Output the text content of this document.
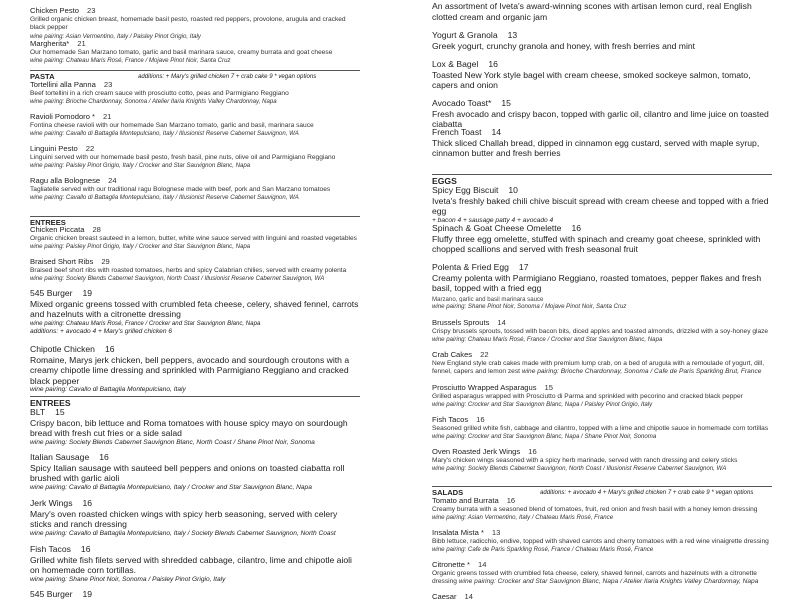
Chicken Pesto 23
Grilled organic chicken breast, homemade basil pesto, roasted red peppers, provolone, arugula and cracked black pepper
wine pairing: Asian Vermentino, Italy / Paisley Pinot Grigio, Italy
Margherita* 21
Our homemade San Marzano tomato, garlic and basil marinara sauce, creamy burrata and goat cheese
wine pairing: Chateau Maris Rosé, France / Mojave Pinot Noir, Santa Cruz
PASTA	additions: + Mary's grilled chicken 7 + crab cake 9 * vegan options
Tortellini alla Panna 23
Beef tortellini in a rich cream sauce with prosciutto cotto, peas and Parmigiano Reggiano
wine pairing: Brioche Chardonnay, Sonoma / Atelier Ilaria Knights Valley Chardonnay, Napa
Ravioli Pomodoro * 21
Fontina cheese ravioli with our homemade San Marzano tomato, garlic and basil, marinara sauce
wine pairing: Cavallo di Battaglia Montepulciano, Italy / Illusionist Reserve Cabernet Sauvignon, WA
Linguini Pesto 22
Linguini served with our homemade basil pesto, fresh basil, pine nuts, olive oil and Parmigiano Reggiano
wine pairing: Paisley Pinot Grigio, Italy / Crocker and Star Sauvignon Blanc, Napa
Ragu alla Bolognese 24
Tagliatelle served with our traditional ragu Bolognese made with beef, pork and San Marzano tomatoes
wine pairing: Cavallo di Battaglia Montepulciano, Italy / Illusionist Reserve Cabernet Sauvignon, WA
ENTREES
Chicken Piccata 28
Organic chicken breast sauteed in a lemon, butter, white wine sauce served with linguini and roasted vegetables
wine pairing: Paisley Pinot Grigio, Italy / Crocker and Star Sauvignon Blanc, Napa
Braised Short Ribs 29
Braised beef short ribs with roasted tomatoes, herbs and spicy Calabrian chilies, served with creamy polenta
wine pairing: Society Blends Cabernet Sauvignon, North Coast / Illusionist Reserve Cabernet Sauvignon, WA
545 Burger 19
Mixed organic greens tossed with crumbled feta cheese, celery, shaved fennel, carrots and hazelnuts with a citronette dressing
wine pairing: Chateau Maris Rosé, France / Crocker and Star Sauvignon Blanc, Napa
additions: + avocado 4 + Mary's grilled chicken 6
Chipotle Chicken 16
Romaine, Marys jerk chicken, bell peppers, avocado and sourdough croutons with a creamy chipotle lime dressing and sprinkled with Parmigiano Reggiano and cracked black pepper
wine pairing: Cavallo di Battaglia Montepulciano, Italy
ENTREES
BLT 15
Crispy bacon, bib lettuce and Roma tomatoes with house spicy mayo on sourdough bread with fresh cut fries or a side salad
wine pairing: Society Blends Cabernet Sauvignon Blanc, North Coast / Shane Pinot Noir, Sonoma
Italian Sausage 16
Spicy Italian sausage with sauteed bell peppers and onions on toasted ciabatta roll brushed with garlic aioli
wine pairing: Cavallo di Battaglia Montepulciano, Italy / Crocker and Star Sauvignon Blanc, Napa
Jerk Wings 16
Mary's oven roasted chicken wings with spicy herb seasoning, served with celery sticks and ranch dressing
wine pairing: Cavallo di Battaglia Montepulciano, Italy / Society Blends Cabernet Sauvignon, North Coast
Fish Tacos 16
Grilled white fish filets served with shredded cabbage, cilantro, lime and chipotle aioli on homemade corn tortillas.
wine pairing: Shane Pinot Noir, Sonoma / Paisley Pinot Grigio, Italy
545 Burger 19
An assortment of Iveta's award-winning scones with artisan lemon curd, real English clotted cream and organic jam
Yogurt & Granola 13
Greek yogurt, crunchy granola and honey, with fresh berries and mint
Lox & Bagel 16
Toasted New York style bagel with cream cheese, smoked sockeye salmon, tomato, capers and onion
Avocado Toast* 15
Fresh avocado and crispy bacon, topped with garlic oil, cilantro and lime juice on toasted ciabatta
French Toast 14
Thick sliced Challah bread, dipped in cinnamon egg custard, served with maple syrup, cinnamon butter and fresh berries
EGGS
Spicy Egg Biscuit 10
Iveta's freshly baked chili chive biscuit spread with cream cheese and topped with a fried egg
+ bacon 4 + sausage patty 4 + avocado 4
Spinach & Goat Cheese Omelette 16
Fluffy three egg omelette, stuffed with spinach and creamy goat cheese, sprinkled with chopped scallions and served with fresh seasonal fruit
Polenta & Fried Egg 17
Creamy polenta with Parmigiano Reggiano, roasted tomatoes, pepper flakes and fresh basil, topped with a fried egg
Marzano, garlic and basil marinara sauce
wine pairing: Shane Pinot Noir, Sonoma / Mojave Pinot Noir, Santa Cruz
Brussels Sprouts 14
Crispy brussels sprouts, tossed with bacon bits, diced apples and toasted almonds, drizzled with a soy-honey glaze
wine pairing: Chateau Maris Rosé, France / Crocker and Star Sauvignon Blanc, Napa
Crab Cakes 22
New England style crab cakes made with premium lump crab, on a bed of arugula with a remoulade of yogurt, dill, fennel, capers and lemon zest wine pairing: Brioche Chardonnay, Sonoma / Cafe de Paris Sparkling Brut, France
Prosciutto Wrapped Asparagus 15
Grilled asparagus wrapped with Prosciutto di Parma and sprinkled with pecorino and cracked black pepper
wine pairing: Crocker and Star Sauvignon Blanc, Napa / Paisley Pinot Grigio, Italy
Fish Tacos 16
Seasoned grilled white fish, cabbage and cilantro, topped with a lime and chipotle sauce in homemade corn tortillas
wine pairing: Crocker and Star Sauvignon Blanc, Napa / Shane Pinot Noir, Sonoma
Oven Roasted Jerk Wings 16
Mary's chicken wings seasoned with a spicy herb marinade, served with ranch dressing and celery sticks
wine pairing: Society Blends Cabernet Sauvignon, North Coast / Illusionist Reserve Cabernet Sauvignon, WA
SALADS	additions: + avocado 4 + Mary's grilled chicken 7 + crab cake 9 * vegan options
Tomato and Burrata 16
Creamy burrata with a seasoned blend of tomatoes, fruit, red onion and fresh basil with a honey lemon dressing
wine pairing: Asian Vermentino, Italy / Chateau Maris Rosé, France
Insalata Mista * 13
Bibb lettuce, radicchio, endive, topped with shaved carrots and cherry tomatoes with a red wine vinaigrette dressing
wine pairing: Cafe de Paris Sparkling Rosé, France / Chateau Maris Rosé, France
Citronette * 14
Organic greens tossed with crumbled feta cheese, celery, shaved fennel, carrots and hazelnuts with a citronette dressing wine pairing: Crocker and Star Sauvignon Blanc, Napa / Atelier Ilaria Knights Valley Chardonnay, Napa
Caesar 14
